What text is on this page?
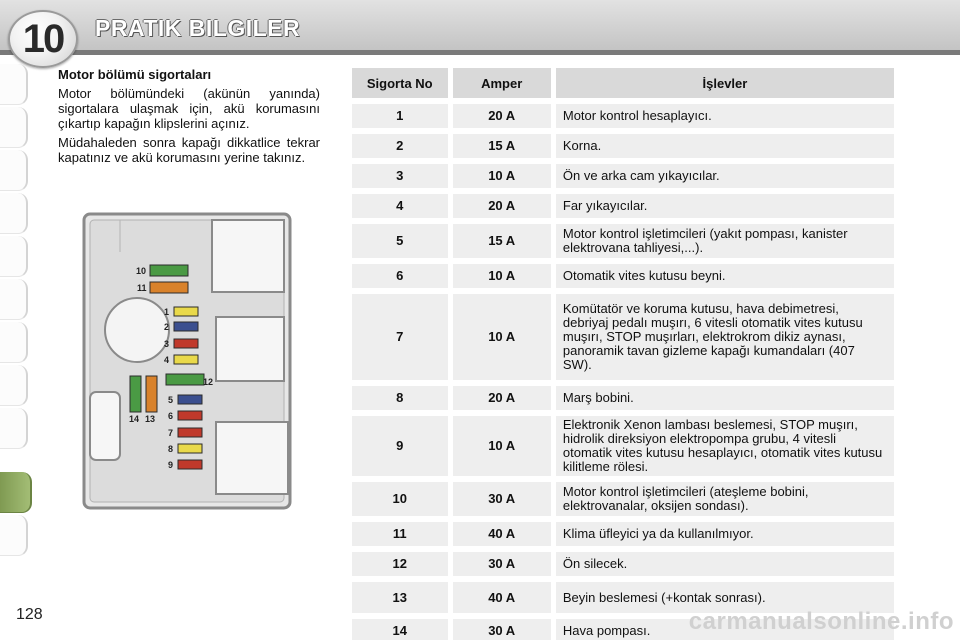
10	PRATIK BILGILER
128
Motor bölümü sigortaları

Motor bölümündeki (akünün yanında) sigortalara ulaşmak için, akü korumasını çıkartıp kapağın klipslerini açınız.

Müdahaleden sonra kapağı dikkatlice tekrar kapatınız ve akü korumasını yerine takınız.

10
11
1
2
3
4
12
5
6
7
8
9
14 13
Sigorta No	Amper	İşlevler
1	20 A	Motor kontrol hesaplayıcı.
2	15 A	Korna.
3	10 A	Ön ve arka cam yıkayıcılar.
4	20 A	Far yıkayıcılar.
5	15 A	Motor kontrol işletimcileri (yakıt pompası, kanister elektrovana tahliyesi,...).
6	10 A	Otomatik vites kutusu beyni.
7	10 A	Komütatör ve koruma kutusu, hava debimetresi, debriyaj pedalı muşırı, 6 vitesli otomatik vites kutusu muşırı, STOP muşırları, elektrokrom dikiz aynası, panoramik tavan gizleme kapağı kumandaları (407 SW).
8	20 A	Marş bobini.
9	10 A	Elektronik Xenon lambası beslemesi, STOP muşırı, hidrolik direksiyon elektropompa grubu, 4 vitesli otomatik vites kutusu hesaplayıcı, otomatik vites kutusu kilitleme rölesi.
10	30 A	Motor kontrol işletimcileri (ateşleme bobini, elektrovanalar, oksijen sondası).
11	40 A	Klima üfleyici ya da kullanılmıyor.
12	30 A	Ön silecek.
13	40 A	Beyin beslemesi (+kontak sonrası).
14	30 A	Hava pompası. carmanualsonline.info
